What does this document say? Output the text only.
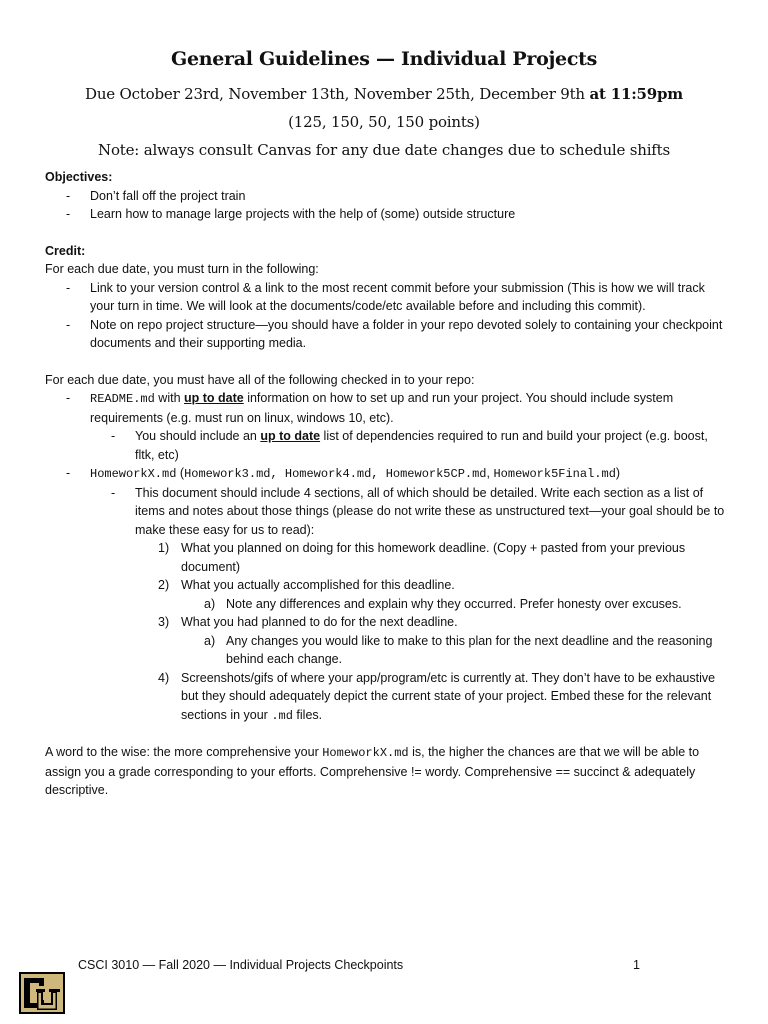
General Guidelines — Individual Projects
Due October 23rd, November 13th, November 25th, December 9th at 11:59pm
(125, 150, 50, 150 points)
Note: always consult Canvas for any due date changes due to schedule shifts
Objectives:
- Don’t fall off the project train
- Learn how to manage large projects with the help of (some) outside structure
Credit:

For each due date, you must turn in the following:

- Link to your version control & a link to the most recent commit before your submission (This is how we will track your turn in time. We will look at the documents/code/etc available before and including this commit).
- Note on repo project structure—you should have a folder in your repo devoted solely to containing your checkpoint documents and their supporting media.

For each due date, you must have all of the following checked in to your repo:

- README.md with up to date information on how to set up and run your project. You should include system requirements (e.g. must run on linux, windows 10, etc).
- You should include an up to date list of dependencies required to run and build your project (e.g. boost, fltk, etc)
- HomeworkX.md (Homework3.md, Homework4.md, Homework5CP.md, Homework5Final.md)
- This document should include 4 sections, all of which should be detailed. Write each section as a list of items and notes about those things (please do not write these as unstructured text—your goal should be to make these easy for us to read):
1) What you planned on doing for this homework deadline. (Copy + pasted from your previous document)
2) What you actually accomplished for this deadline.
a) Note any differences and explain why they occurred. Prefer honesty over excuses.
3) What you had planned to do for the next deadline.
a) Any changes you would like to make to this plan for the next deadline and the reasoning behind each change.
4) Screenshots/gifs of where your app/program/etc is currently at. They don’t have to be exhaustive but they should adequately depict the current state of your project. Embed these for the relevant sections in your .md files.

A word to the wise: the more comprehensive your HomeworkX.md is, the higher the chances are that we will be able to assign you a grade corresponding to your efforts. Comprehensive != wordy. Comprehensive == succinct & adequately descriptive.

CSCI 3010 — Fall 2020 — Individual Projects Checkpoints	1
